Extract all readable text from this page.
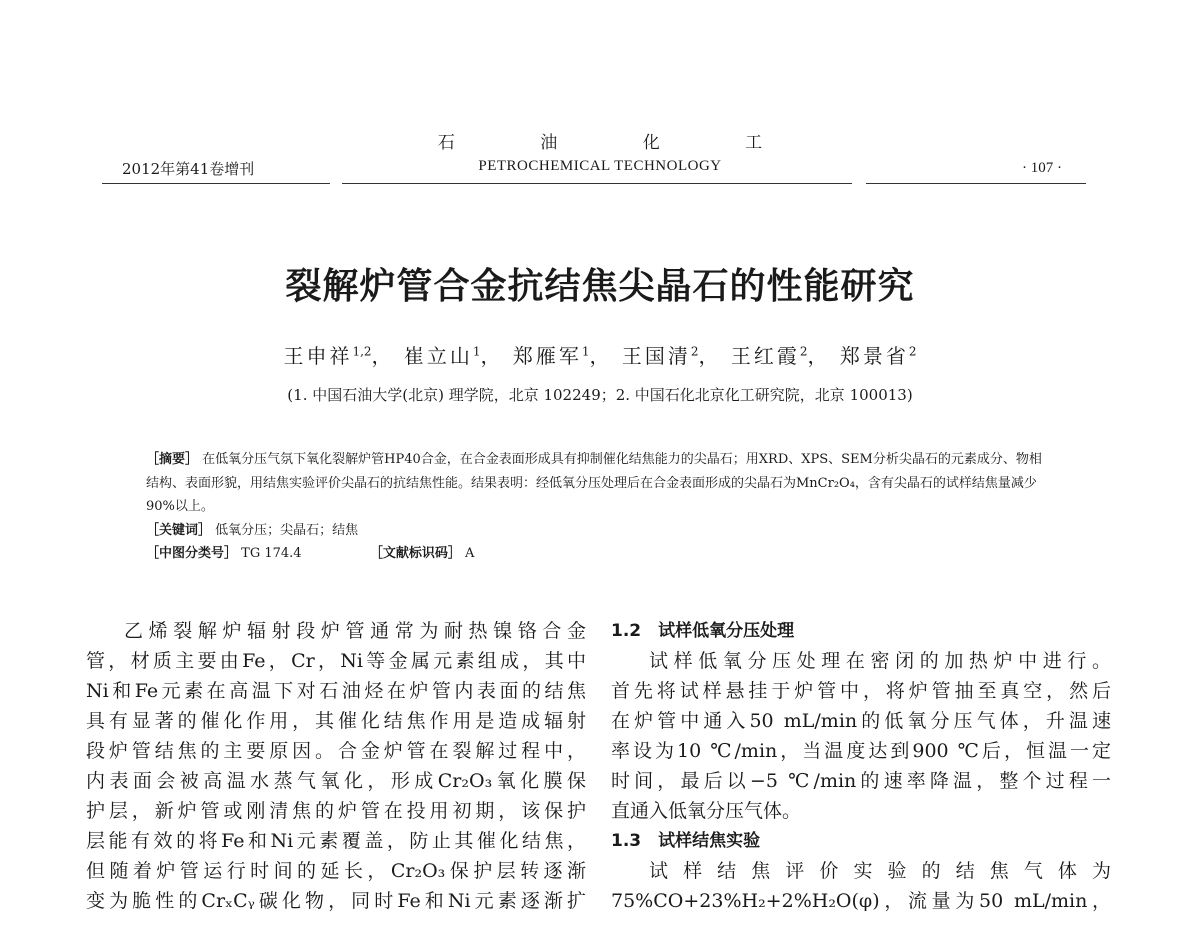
石 油 化 工
PETROCHEMICAL TECHNOLOGY
2012年第41卷增刊	· 107 ·
裂解炉管合金抗结焦尖晶石的性能研究
王申祥$^{1,2}$， 崔立山$^1$， 郑雁军$^1$， 王国清$^2$， 王红霞$^2$， 郑景省$^2$
(1. 中国石油大学(北京) 理学院，北京 102249；2. 中国石化北京化工研究院，北京 100013)

［摘要］ 在低氧分压气氛下氧化裂解炉管HP40合金，在合金表面形成具有抑制催化结焦能力的尖晶石；用XRD、XPS、SEM分析尖晶石的元素成分、物相结构、表面形貌，用结焦实验评价尖晶石的抗结焦性能。结果表明：经低氧分压处理后在合金表面形成的尖晶石为MnCr₂O₄，含有尖晶石的试样结焦量减少90%以上。

［关键词］ 低氧分压；尖晶石；结焦

［中图分类号］ TG 174.4	［文献标识码］ A

乙烯裂解炉辐射段炉管通常为耐热镍铬合金

管，材质主要由Fe，Cr，Ni等金属元素组成，其中

Ni和Fe元素在高温下对石油烃在炉管内表面的结焦

具有显著的催化作用，其催化结焦作用是造成辐射

段炉管结焦的主要原因。合金炉管在裂解过程中，

内表面会被高温水蒸气氧化，形成Cr₂O₃氧化膜保

护层，新炉管或刚清焦的炉管在投用初期，该保护

层能有效的将Fe和Ni元素覆盖，防止其催化结焦，

但随着炉管运行时间的延长，Cr₂O₃保护层转逐渐

变为脆性的CrₓCᵧ碳化物，同时Fe和Ni元素逐渐扩

1.2　试样低氧分压处理

试样低氧分压处理在密闭的加热炉中进行。

首先将试样悬挂于炉管中，将炉管抽至真空，然后

在炉管中通入50 mL/min的低氧分压气体，升温速

率设为10 ℃/min，当温度达到900 ℃后，恒温一定

时间，最后以−5 ℃/min的速率降温，整个过程一

直通入低氧分压气体。

1.3　试样结焦实验

试 样 结 焦 评 价 实 验 的 结 焦 气 体 为

75%CO+23%H₂+2%H₂O(φ)，流量为50 mL/min，
